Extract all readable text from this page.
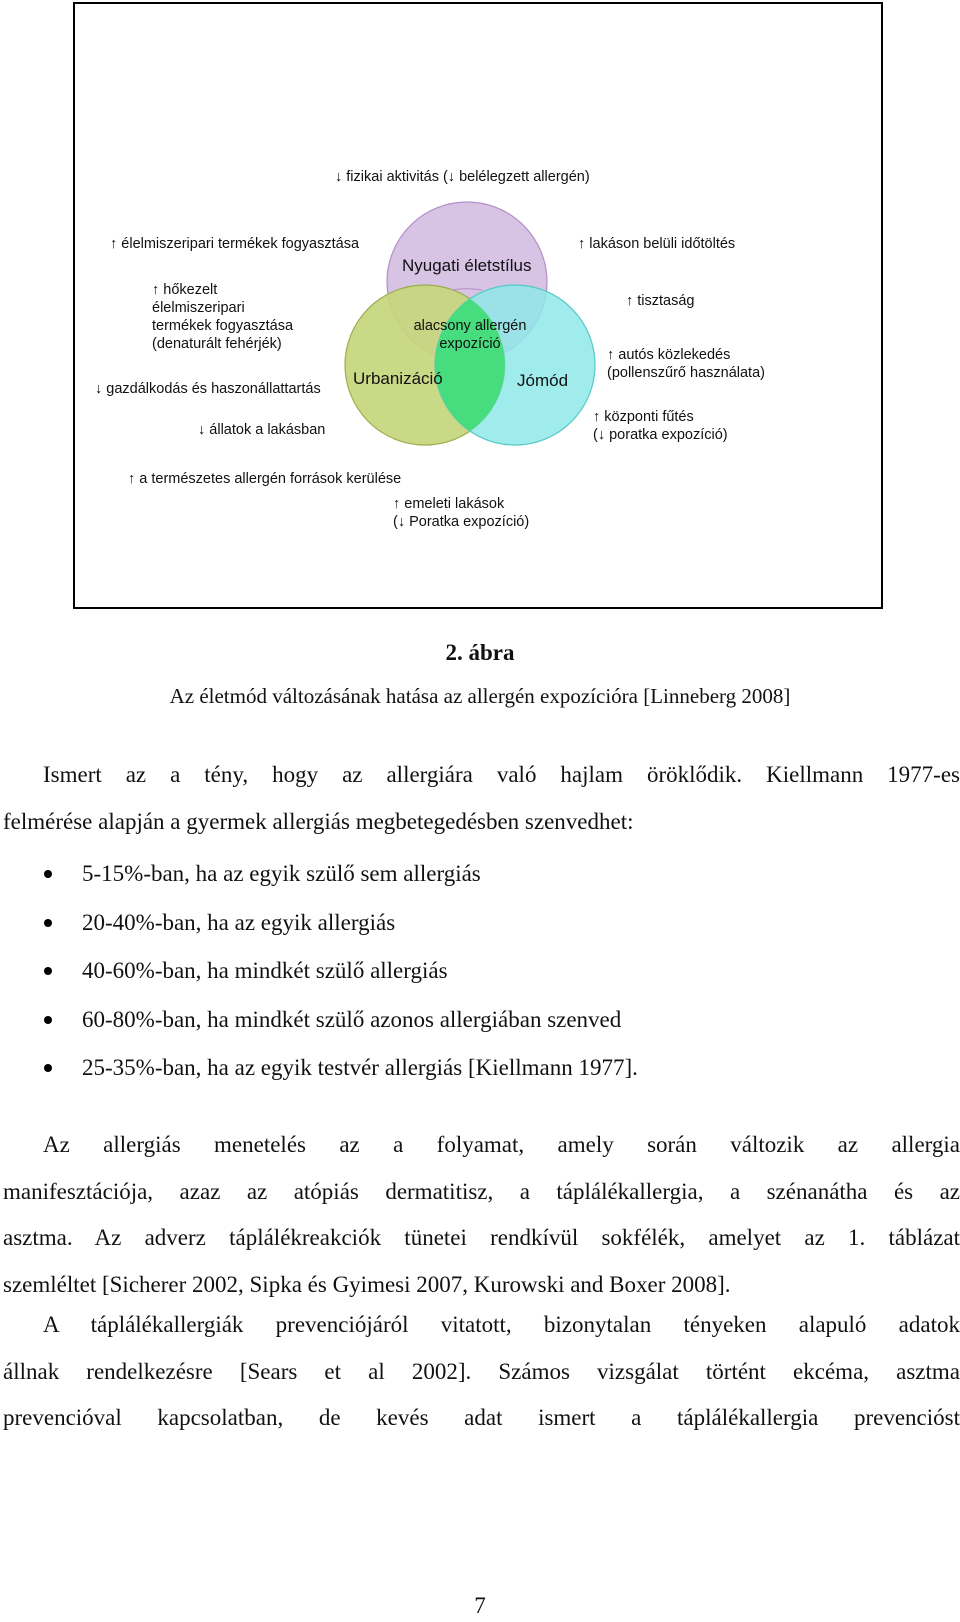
Nyugati életstílus
Urbanizáció	Jómód
alacsony allergén
expozíció
↓ fizikai aktivitás (↓ belélegzett allergén)
↑ élelmiszeripari termékek fogyasztása
↑ hőkezelt
élelmiszeripari
termékek fogyasztása
(denaturált fehérjék)
↓ gazdálkodás és haszonállattartás
↓ állatok a lakásban
↑ a természetes allergén források kerülése
↑ emeleti lakások
(↓ Poratka expozíció)
↑ lakáson belüli időtöltés
↑ tisztaság
↑ autós közlekedés
(pollenszűrő használata)
↑ központi fűtés
(↓ poratka expozíció)
2. ábra
Az életmód változásának hatása az allergén expozícióra [Linneberg 2008]
Ismert az a tény, hogy az allergiára való hajlam öröklődik. Kiellmann 1977-es
felmérése alapján a gyermek allergiás megbetegedésben szenvedhet:
5-15%-ban, ha az egyik szülő sem allergiás
20-40%-ban, ha az egyik allergiás
40-60%-ban, ha mindkét szülő allergiás
60-80%-ban, ha mindkét szülő azonos allergiában szenved
25-35%-ban, ha az egyik testvér allergiás [Kiellmann 1977].
Az allergiás menetelés az a folyamat, amely során változik az allergia
manifesztációja, azaz az atópiás dermatitisz, a táplálékallergia, a szénanátha és az
asztma. Az adverz táplálékreakciók tünetei rendkívül sokfélék, amelyet az 1. táblázat
szemléltet [Sicherer 2002, Sipka és Gyimesi 2007, Kurowski and Boxer 2008].
A táplálékallergiák prevenciójáról vitatott, bizonytalan tényeken alapuló adatok
állnak rendelkezésre [Sears et al 2002]. Számos vizsgálat történt ekcéma, asztma
prevencióval kapcsolatban, de kevés adat ismert a táplálékallergia prevencióst
7
